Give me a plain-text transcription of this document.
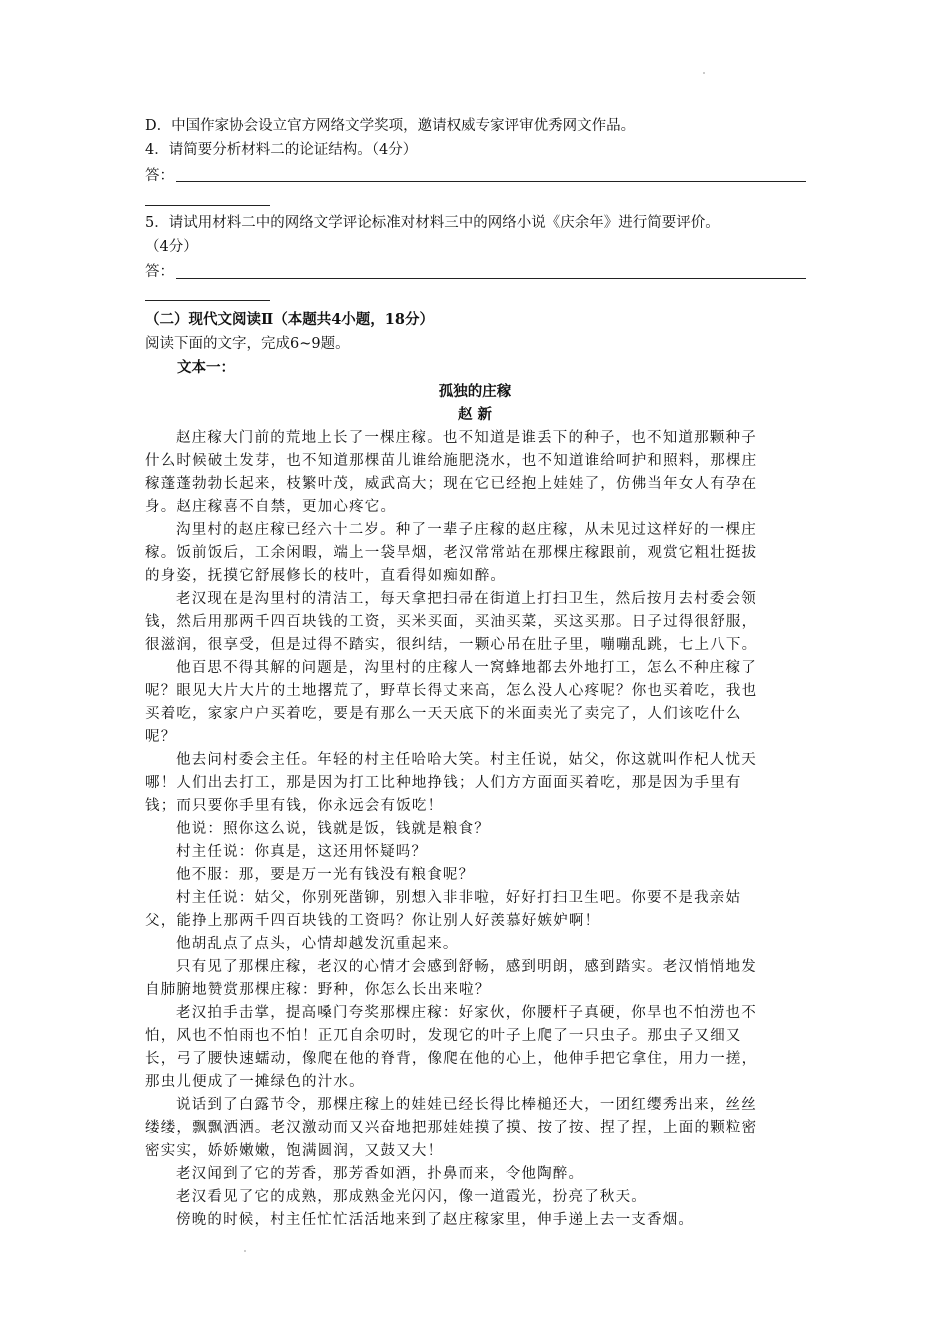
D．中国作家协会设立官方网络文学奖项，邀请权威专家评审优秀网文作品。
4．请简要分析材料二的论证结构。（4分）
答：
5．请试用材料二中的网络文学评论标准对材料三中的网络小说《庆余年》进行简要评价。
（4分）
答：
（二）现代文阅读Ⅱ（本题共4小题，18分）
阅读下面的文字，完成6~9题。
文本一：
孤独的庄稼
赵 新
赵庄稼大门前的荒地上长了一棵庄稼。也不知道是谁丢下的种子，也不知道那颗种子
什么时候破土发芽，也不知道那棵苗儿谁给施肥浇水，也不知道谁给呵护和照料，那棵庄
稼蓬蓬勃勃长起来，枝繁叶茂，威武高大；现在它已经抱上娃娃了，仿佛当年女人有孕在
身。赵庄稼喜不自禁，更加心疼它。
沟里村的赵庄稼已经六十二岁。种了一辈子庄稼的赵庄稼，从未见过这样好的一棵庄
稼。饭前饭后，工余闲暇，端上一袋旱烟，老汉常常站在那棵庄稼跟前，观赏它粗壮挺拔
的身姿，抚摸它舒展修长的枝叶，直看得如痴如醉。
老汉现在是沟里村的清洁工，每天拿把扫帚在街道上打扫卫生，然后按月去村委会领
钱，然后用那两千四百块钱的工资，买米买面，买油买菜，买这买那。日子过得很舒服，
很滋润，很享受，但是过得不踏实，很纠结，一颗心吊在肚子里，嘣嘣乱跳，七上八下。
他百思不得其解的问题是，沟里村的庄稼人一窝蜂地都去外地打工，怎么不种庄稼了
呢？眼见大片大片的土地撂荒了，野草长得丈来高，怎么没人心疼呢？你也买着吃，我也
买着吃，家家户户买着吃，要是有那么一天天底下的米面卖光了卖完了，人们该吃什么
呢？
他去问村委会主任。年轻的村主任哈哈大笑。村主任说，姑父，你这就叫作杞人忧天
哪！人们出去打工，那是因为打工比种地挣钱；人们方方面面买着吃，那是因为手里有
钱；而只要你手里有钱，你永远会有饭吃！
他说：照你这么说，钱就是饭，钱就是粮食？
村主任说：你真是，这还用怀疑吗？
他不服：那，要是万一光有钱没有粮食呢？
村主任说：姑父，你别死凿铆，别想入非非啦，好好打扫卫生吧。你要不是我亲姑
父，能挣上那两千四百块钱的工资吗？你让别人好羡慕好嫉妒啊！
他胡乱点了点头，心情却越发沉重起来。
只有见了那棵庄稼，老汉的心情才会感到舒畅，感到明朗，感到踏实。老汉悄悄地发
自肺腑地赞赏那棵庄稼：野种，你怎么长出来啦？
老汉拍手击掌，提高嗓门夸奖那棵庄稼：好家伙，你腰杆子真硬，你旱也不怕涝也不
怕，风也不怕雨也不怕！正兀自余叨时，发现它的叶子上爬了一只虫子。那虫子又细又
长，弓了腰快速蠕动，像爬在他的脊背，像爬在他的心上，他伸手把它拿住，用力一搓，
那虫儿便成了一摊绿色的汁水。
说话到了白露节令，那棵庄稼上的娃娃已经长得比棒槌还大，一团红缨秀出来，丝丝
缕缕，飘飘洒洒。老汉激动而又兴奋地把那娃娃摸了摸、按了按、捏了捏，上面的颗粒密
密实实，娇娇嫩嫩，饱满圆润，又鼓又大！
老汉闻到了它的芳香，那芳香如酒，扑鼻而来，令他陶醉。
老汉看见了它的成熟，那成熟金光闪闪，像一道霞光，扮亮了秋天。
傍晚的时候，村主任忙忙活活地来到了赵庄稼家里，伸手递上去一支香烟。
